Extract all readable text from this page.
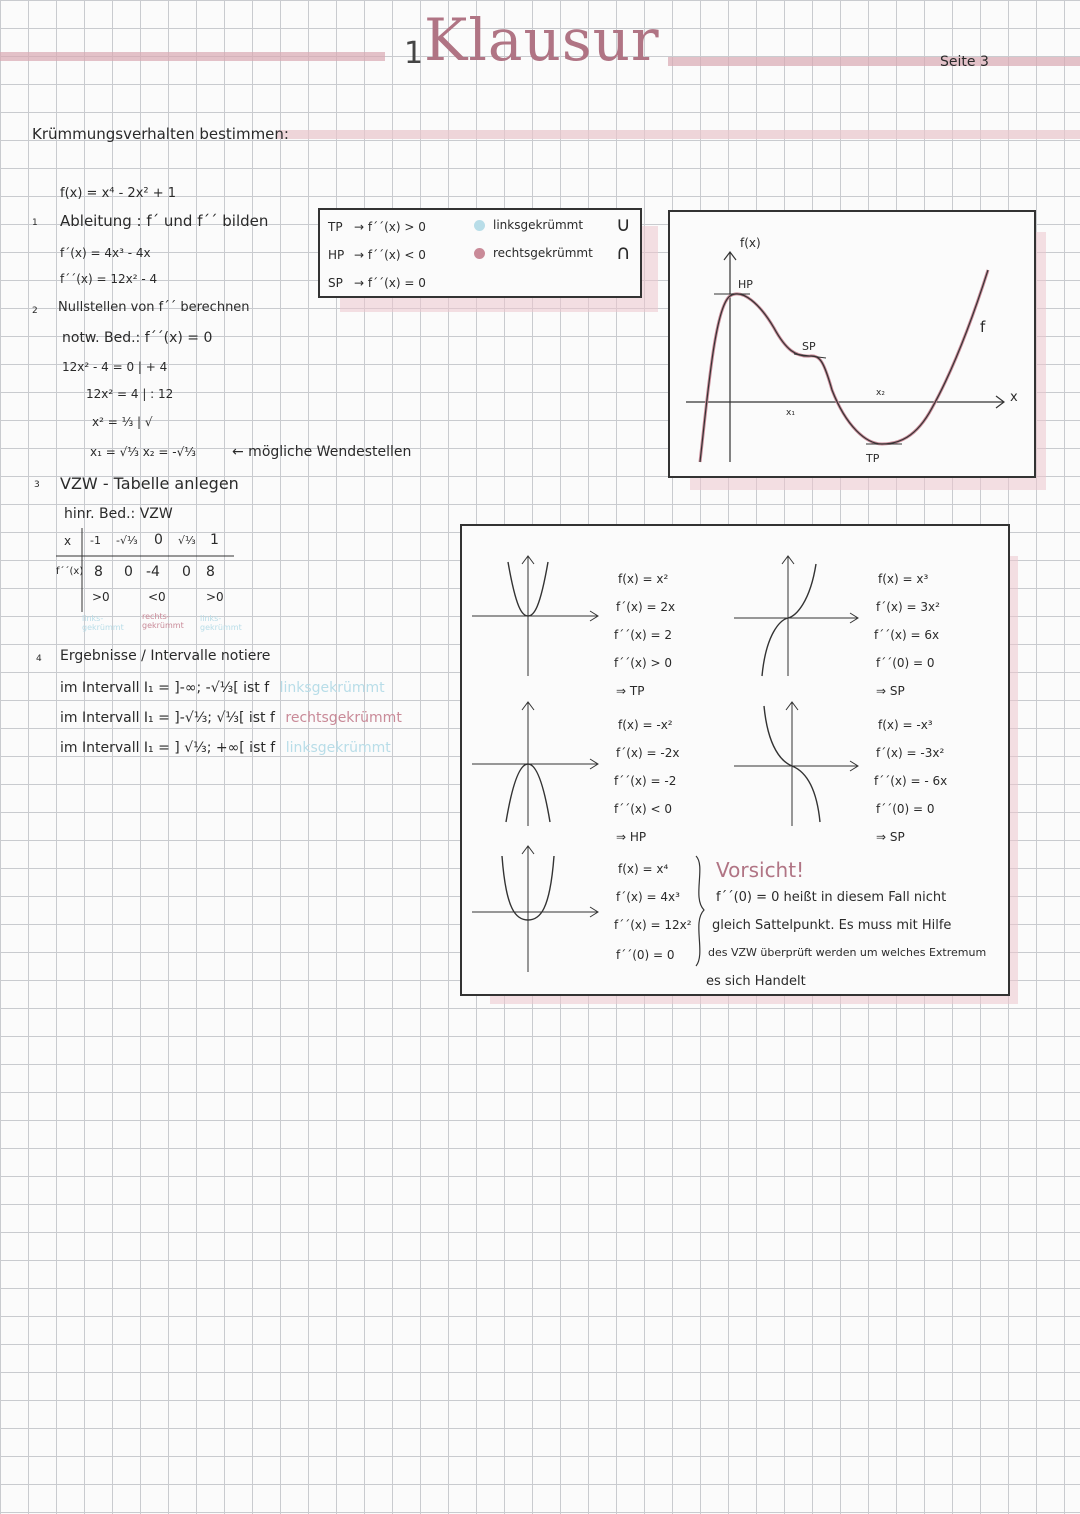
1 Klausur	Seite 3
Krümmungsverhalten bestimmen:
f(x) = x⁴ - 2x² + 1
1 Ableitung : f´ und f´´ bilden
f´(x) = 4x³ - 4x
f´´(x) = 12x² - 4
2 Nullstellen von f´´ berechnen
notw. Bed.: f´´(x) = 0
12x² - 4 = 0 | + 4
12x² = 4 | : 12
x² = ⅓ | √
x₁ = √⅓ x₂ = -√⅓	← mögliche Wendestellen
3 VZW - Tabelle anlegen
hinr. Bed.: VZW
x -1 -√⅓ 0 √⅓ 1
f´´(x) 8 0 -4 0 8
>0	<0	>0
links-gekrümmt
rechts-gekrümmt
links-gekrümmt
4 Ergebnisse / Intervalle notiere
im Intervall I₁ = ]-∞; -√⅓[ ist f linksgekrümmt
im Intervall I₁ = ]-√⅓; √⅓[ ist f rechtsgekrümmt
im Intervall I₁ = ] √⅓; +∞[ ist f linksgekrümmt
TP → f´´(x) > 0
HP → f´´(x) < 0
SP → f´´(x) = 0
linksgekrümmt ∪
rechtsgekrümmt ∩	f(x)
x
f
HP
SP
TP
x₁
x₂
f(x) = x²
f´(x) = 2x
f´´(x) = 2
f´´(x) > 0
⇒ TP
f(x) = x³
f´(x) = 3x²
f´´(x) = 6x
f´´(0) = 0
⇒ SP
f(x) = -x²
f´(x) = -2x
f´´(x) = -2
f´´(x) < 0
⇒ HP
f(x) = -x³
f´(x) = -3x²
f´´(x) = - 6x
f´´(0) = 0
⇒ SP
f(x) = x⁴
f´(x) = 4x³
f´´(x) = 12x²
f´´(0) = 0
Vorsicht!
f´´(0) = 0 heißt in diesem Fall nicht
gleich Sattelpunkt. Es muss mit Hilfe
des VZW überprüft werden um welches Extremum
es sich Handelt
